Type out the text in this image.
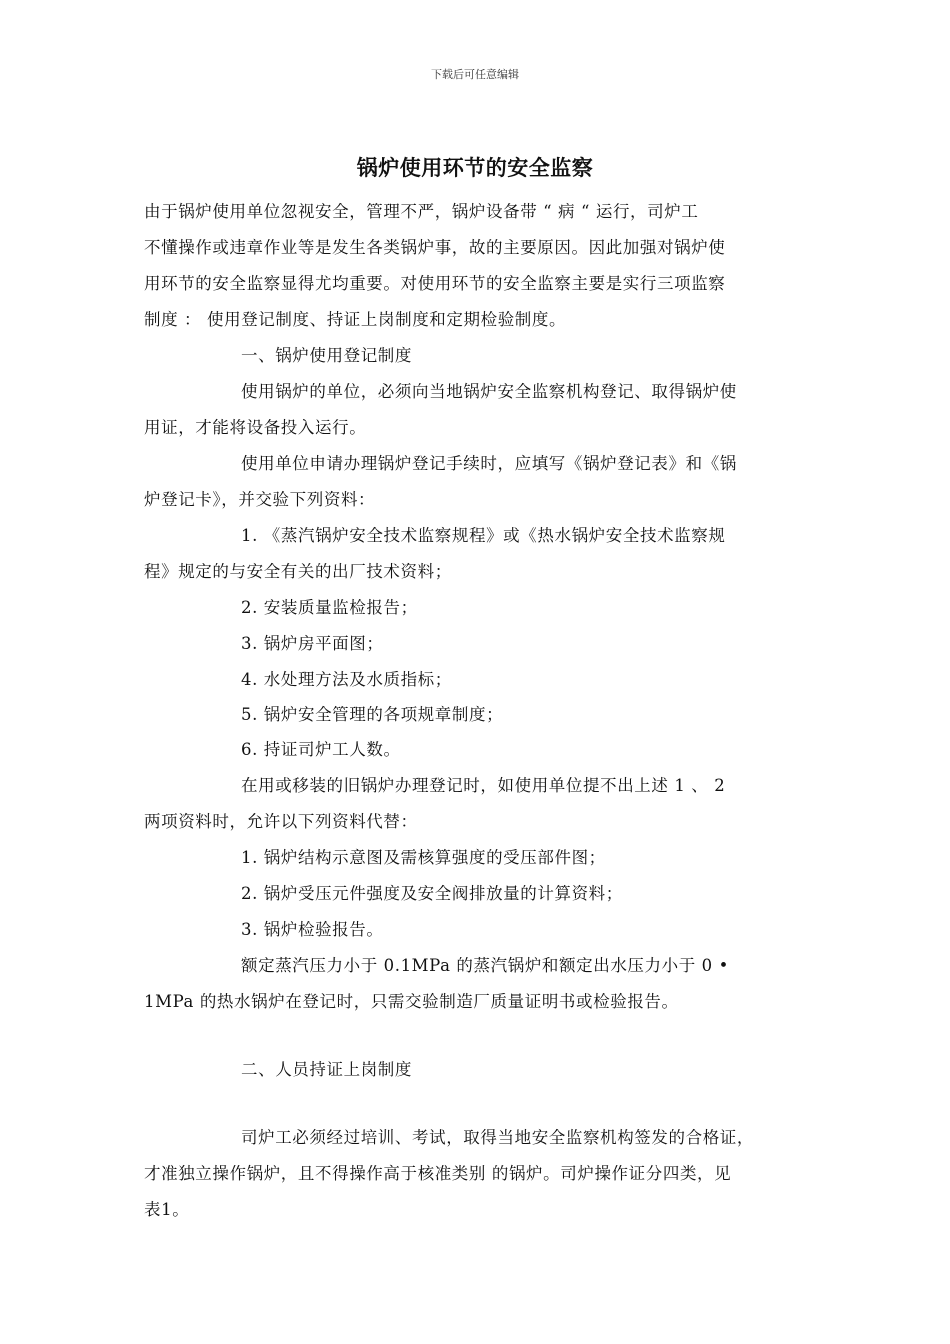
下载后可任意编辑
锅炉使用环节的安全监察
由于锅炉使用单位忽视安全，管理不严，锅炉设备带 “ 病 “ 运行，司炉工
不懂操作或违章作业等是发生各类锅炉事，故的主要原因。因此加强对锅炉使
用环节的安全监察显得尤均重要。对使用环节的安全监察主要是实行三项监察
制度 ： 使用登记制度、持证上岗制度和定期检验制度。
一、锅炉使用登记制度
使用锅炉的单位，必须向当地锅炉安全监察机构登记、取得锅炉使
用证，才能将设备投入运行。
使用单位申请办理锅炉登记手续时，应填写《锅炉登记表》和《锅
炉登记卡》，并交验下列资料：
1. 《蒸汽锅炉安全技术监察规程》或《热水锅炉安全技术监察规
程》规定的与安全有关的出厂技术资料；
2. 安装质量监检报告；
3. 锅炉房平面图；
4. 水处理方法及水质指标；
5. 锅炉安全管理的各项规章制度；
6. 持证司炉工人数。
在用或移装的旧锅炉办理登记时，如使用单位提不出上述 1 、 2
两项资料时，允许以下列资料代替：
1. 锅炉结构示意图及需核算强度的受压部件图；
2. 锅炉受压元件强度及安全阀排放量的计算资料；
3. 锅炉检验报告。
额定蒸汽压力小于 0.1MPa 的蒸汽锅炉和额定出水压力小于 0 •
1MPa 的热水锅炉在登记时，只需交验制造厂质量证明书或检验报告。
二、人员持证上岗制度
司炉工必须经过培训、考试，取得当地安全监察机构签发的合格证，
才准独立操作锅炉，且不得操作高于核准类别 的锅炉。司炉操作证分四类，见
表1。
